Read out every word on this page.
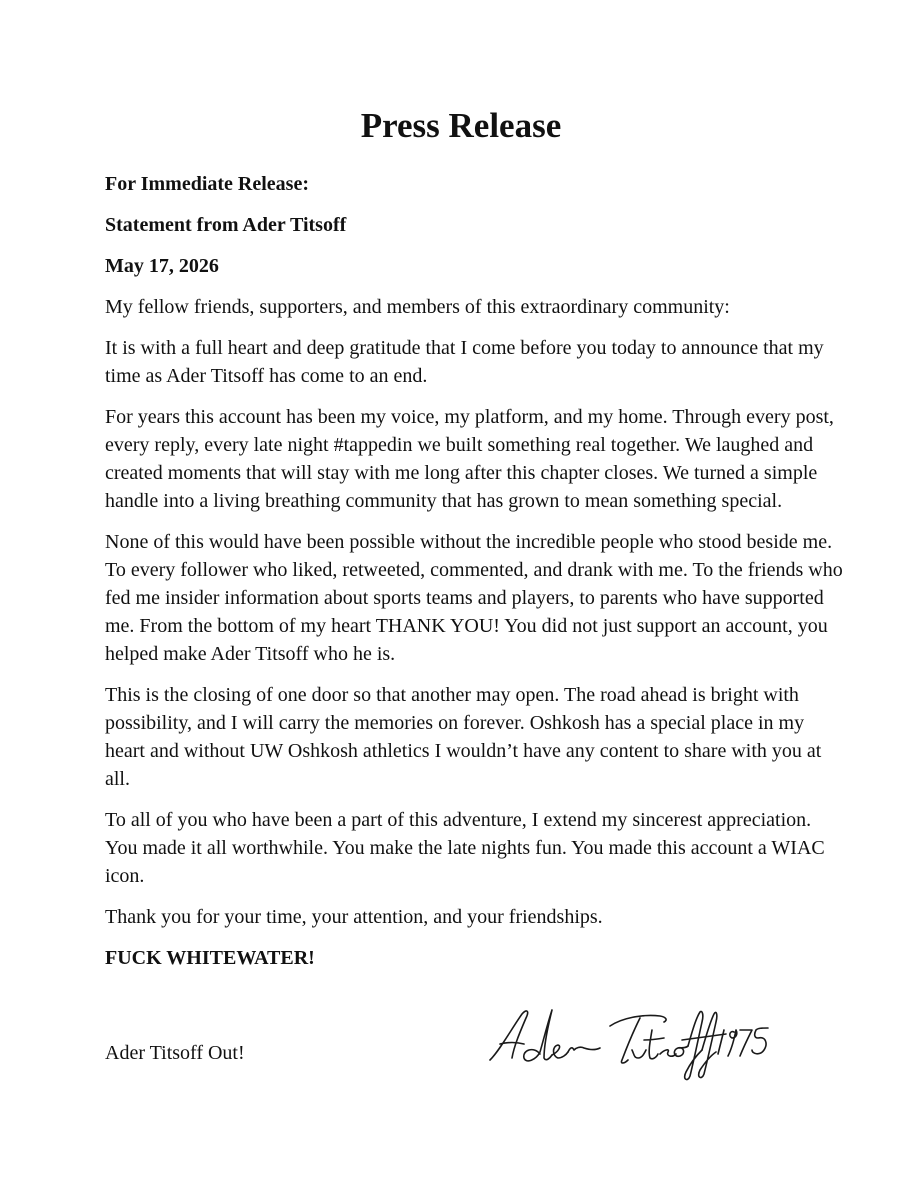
Press Release

For Immediate Release:

Statement from Ader Titsoff

May 17, 2026

My fellow friends, supporters, and members of this extraordinary community:

It is with a full heart and deep gratitude that I come before you today to announce that my time as Ader Titsoff has come to an end.

For years this account has been my voice, my platform, and my home. Through every post, every reply, every late night #tappedin we built something real together. We laughed and created moments that will stay with me long after this chapter closes. We turned a simple handle into a living breathing community that has grown to mean something special.

None of this would have been possible without the incredible people who stood beside me. To every follower who liked, retweeted, commented, and drank with me. To the friends who fed me insider information about sports teams and players, to parents who have supported me. From the bottom of my heart THANK YOU! You did not just support an account, you helped make Ader Titsoff who he is.

This is the closing of one door so that another may open. The road ahead is bright with possibility, and I will carry the memories on forever. Oshkosh has a special place in my heart and without UW Oshkosh athletics I wouldn’t have any content to share with you at all.

To all of you who have been a part of this adventure, I extend my sincerest appreciation. You made it all worthwhile. You make the late nights fun. You made this account a WIAC icon.

Thank you for your time, your attention, and your friendships.

FUCK WHITEWATER!

Ader Titsoff Out!
